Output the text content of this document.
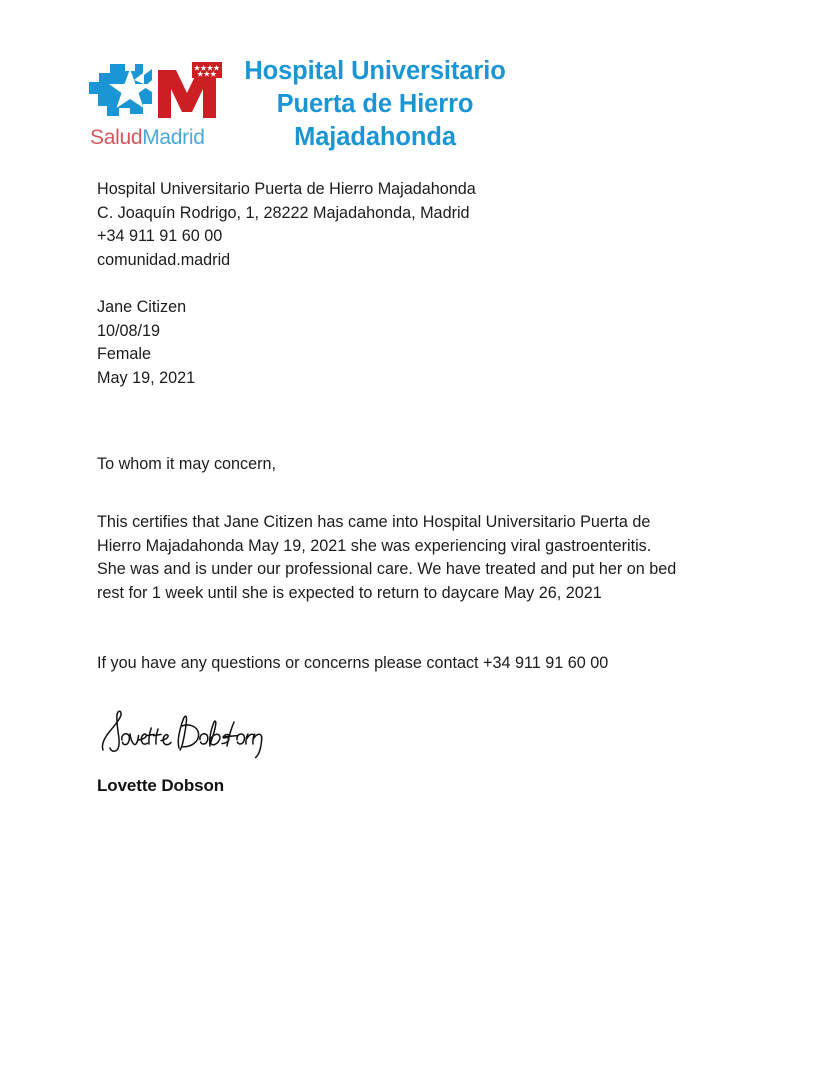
SaludMadrid
Hospital Universitario
Puerta de Hierro
Majadahonda
Hospital Universitario Puerta de Hierro Majadahonda
C. Joaquín Rodrigo, 1, 28222 Majadahonda, Madrid
+34 911 91 60 00
comunidad.madrid
Jane Citizen
10/08/19
Female
May 19, 2021
To whom it may concern,
This certifies that Jane Citizen has came into Hospital Universitario Puerta de Hierro Majadahonda May 19, 2021 she was experiencing viral gastroenteritis. She was and is under our professional care. We have treated and put her on bed rest for 1 week until she is expected to return to daycare May 26, 2021
If you have any questions or concerns please contact +34 911 91 60 00
Lovette Dobson
